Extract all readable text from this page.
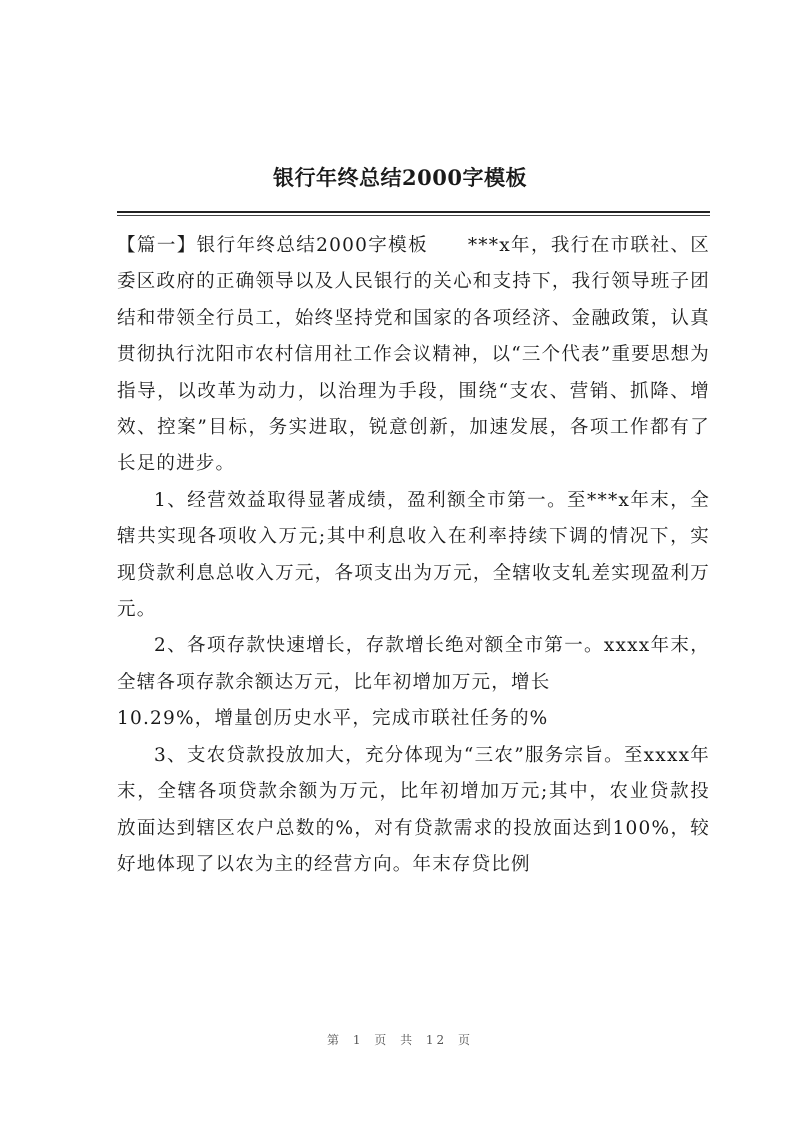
银行年终总结2000字模板

【篇一】银行年终总结2000字模板　　***x年，我行在市联社、区委区政府的正确领导以及人民银行的关心和支持下，我行领导班子团结和带领全行员工，始终坚持党和国家的各项经济、金融政策，认真贯彻执行沈阳市农村信用社工作会议精神，以“三个代表”重要思想为指导，以改革为动力，以治理为手段，围绕“支农、营销、抓降、增效、控案”目标，务实进取，锐意创新，加速发展，各项工作都有了长足的进步。

1、经营效益取得显著成绩，盈利额全市第一。至***x年末，全辖共实现各项收入万元;其中利息收入在利率持续下调的情况下，实现贷款利息总收入万元，各项支出为万元，全辖收支轧差实现盈利万元。

2、各项存款快速增长，存款增长绝对额全市第一。xxxx年末，全辖各项存款余额达万元，比年初增加万元，增长

10.29%，增量创历史水平，完成市联社任务的%

3、支农贷款投放加大，充分体现为“三农”服务宗旨。至xxxx年末，全辖各项贷款余额为万元，比年初增加万元;其中，农业贷款投放面达到辖区农户总数的%，对有贷款需求的投放面达到100%，较好地体现了以农为主的经营方向。年末存贷比例

第 1 页 共 12 页
